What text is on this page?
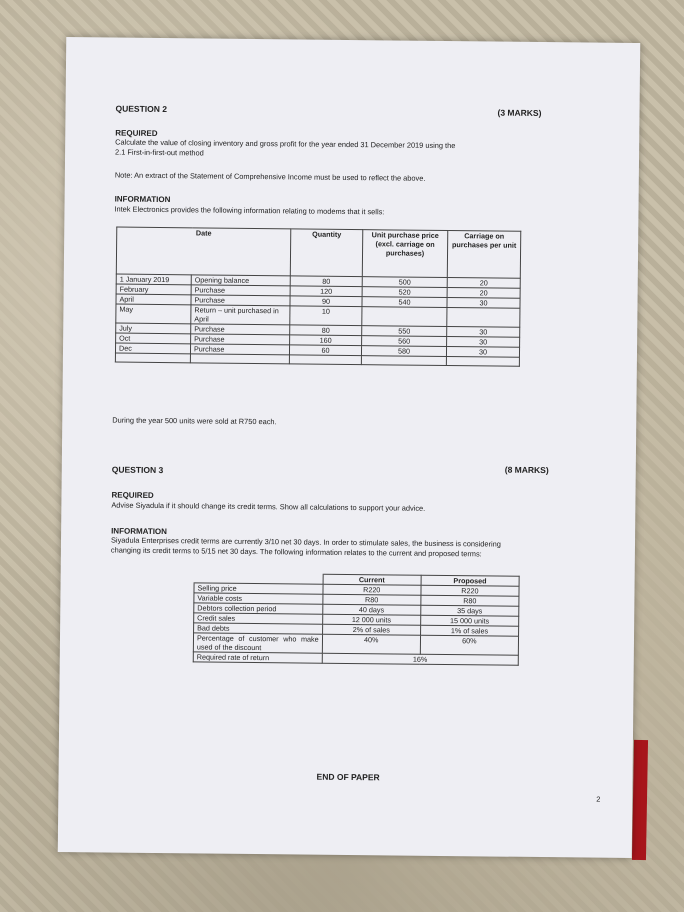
QUESTION 2	(3 MARKS)
REQUIRED
Calculate the value of closing inventory and gross profit for the year ended 31 December 2019 using the
2.1 First-in-first-out method
Note: An extract of the Statement of Comprehensive Income must be used to reflect the above.
INFORMATION
Intek Electronics provides the following information relating to modems that it sells:
Date		Quantity	Unit purchase price (excl. carriage on purchases)	Carriage on purchases per unit
1 January 2019	Opening balance	80	500	20
February	Purchase	120	520	20
April	Purchase	90	540	30
May	Return – unit purchased in April	10		
July	Purchase	80	550	30
Oct	Purchase	160	560	30
Dec	Purchase	60	580	30

During the year 500 units were sold at R750 each.
QUESTION 3	(8 MARKS)
REQUIRED
Advise Siyadula if it should change its credit terms. Show all calculations to support your advice.
INFORMATION
Siyadula Enterprises credit terms are currently 3/10 net 30 days. In order to stimulate sales, the business is considering
changing its credit terms to 5/15 net 30 days. The following information relates to the current and proposed terms:
	Current	Proposed
Selling price	R220	R220
Variable costs	R80	R80
Debtors collection period	40 days	35 days
Credit sales	12 000 units	15 000 units
Bad debts	2% of sales	1% of sales
Percentage of customer who make used of the discount	40%	60%
Required rate of return	16%	
END OF PAPER
2
